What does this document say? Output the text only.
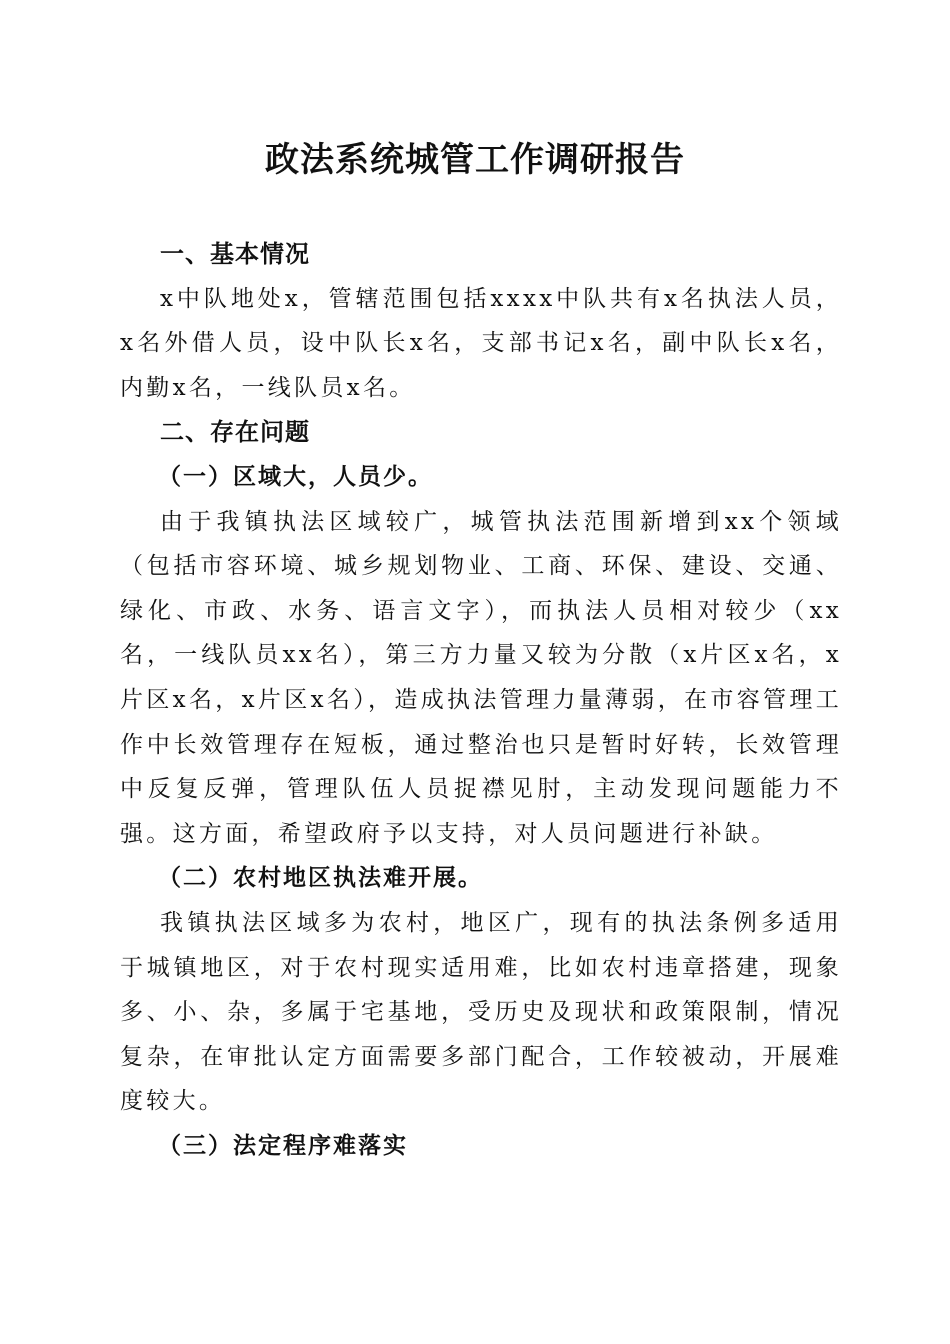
政法系统城管工作调研报告

一、基本情况

x中队地处x，管辖范围包括xxxx中队共有x名执法人员，x名外借人员，设中队长x名，支部书记x名，副中队长x名，内勤x名，一线队员x名。

二、存在问题

（一）区域大，人员少。

由于我镇执法区域较广，城管执法范围新增到xx个领域（包括市容环境、城乡规划物业、工商、环保、建设、交通、绿化、市政、水务、语言文字），而执法人员相对较少（xx名，一线队员xx名），第三方力量又较为分散（x片区x名，x片区x名，x片区x名），造成执法管理力量薄弱，在市容管理工作中长效管理存在短板，通过整治也只是暂时好转，长效管理中反复反弹，管理队伍人员捉襟见肘，主动发现问题能力不强。这方面，希望政府予以支持，对人员问题进行补缺。

（二）农村地区执法难开展。

我镇执法区域多为农村，地区广，现有的执法条例多适用于城镇地区，对于农村现实适用难，比如农村违章搭建，现象多、小、杂，多属于宅基地，受历史及现状和政策限制，情况复杂，在审批认定方面需要多部门配合，工作较被动，开展难度较大。

（三）法定程序难落实
